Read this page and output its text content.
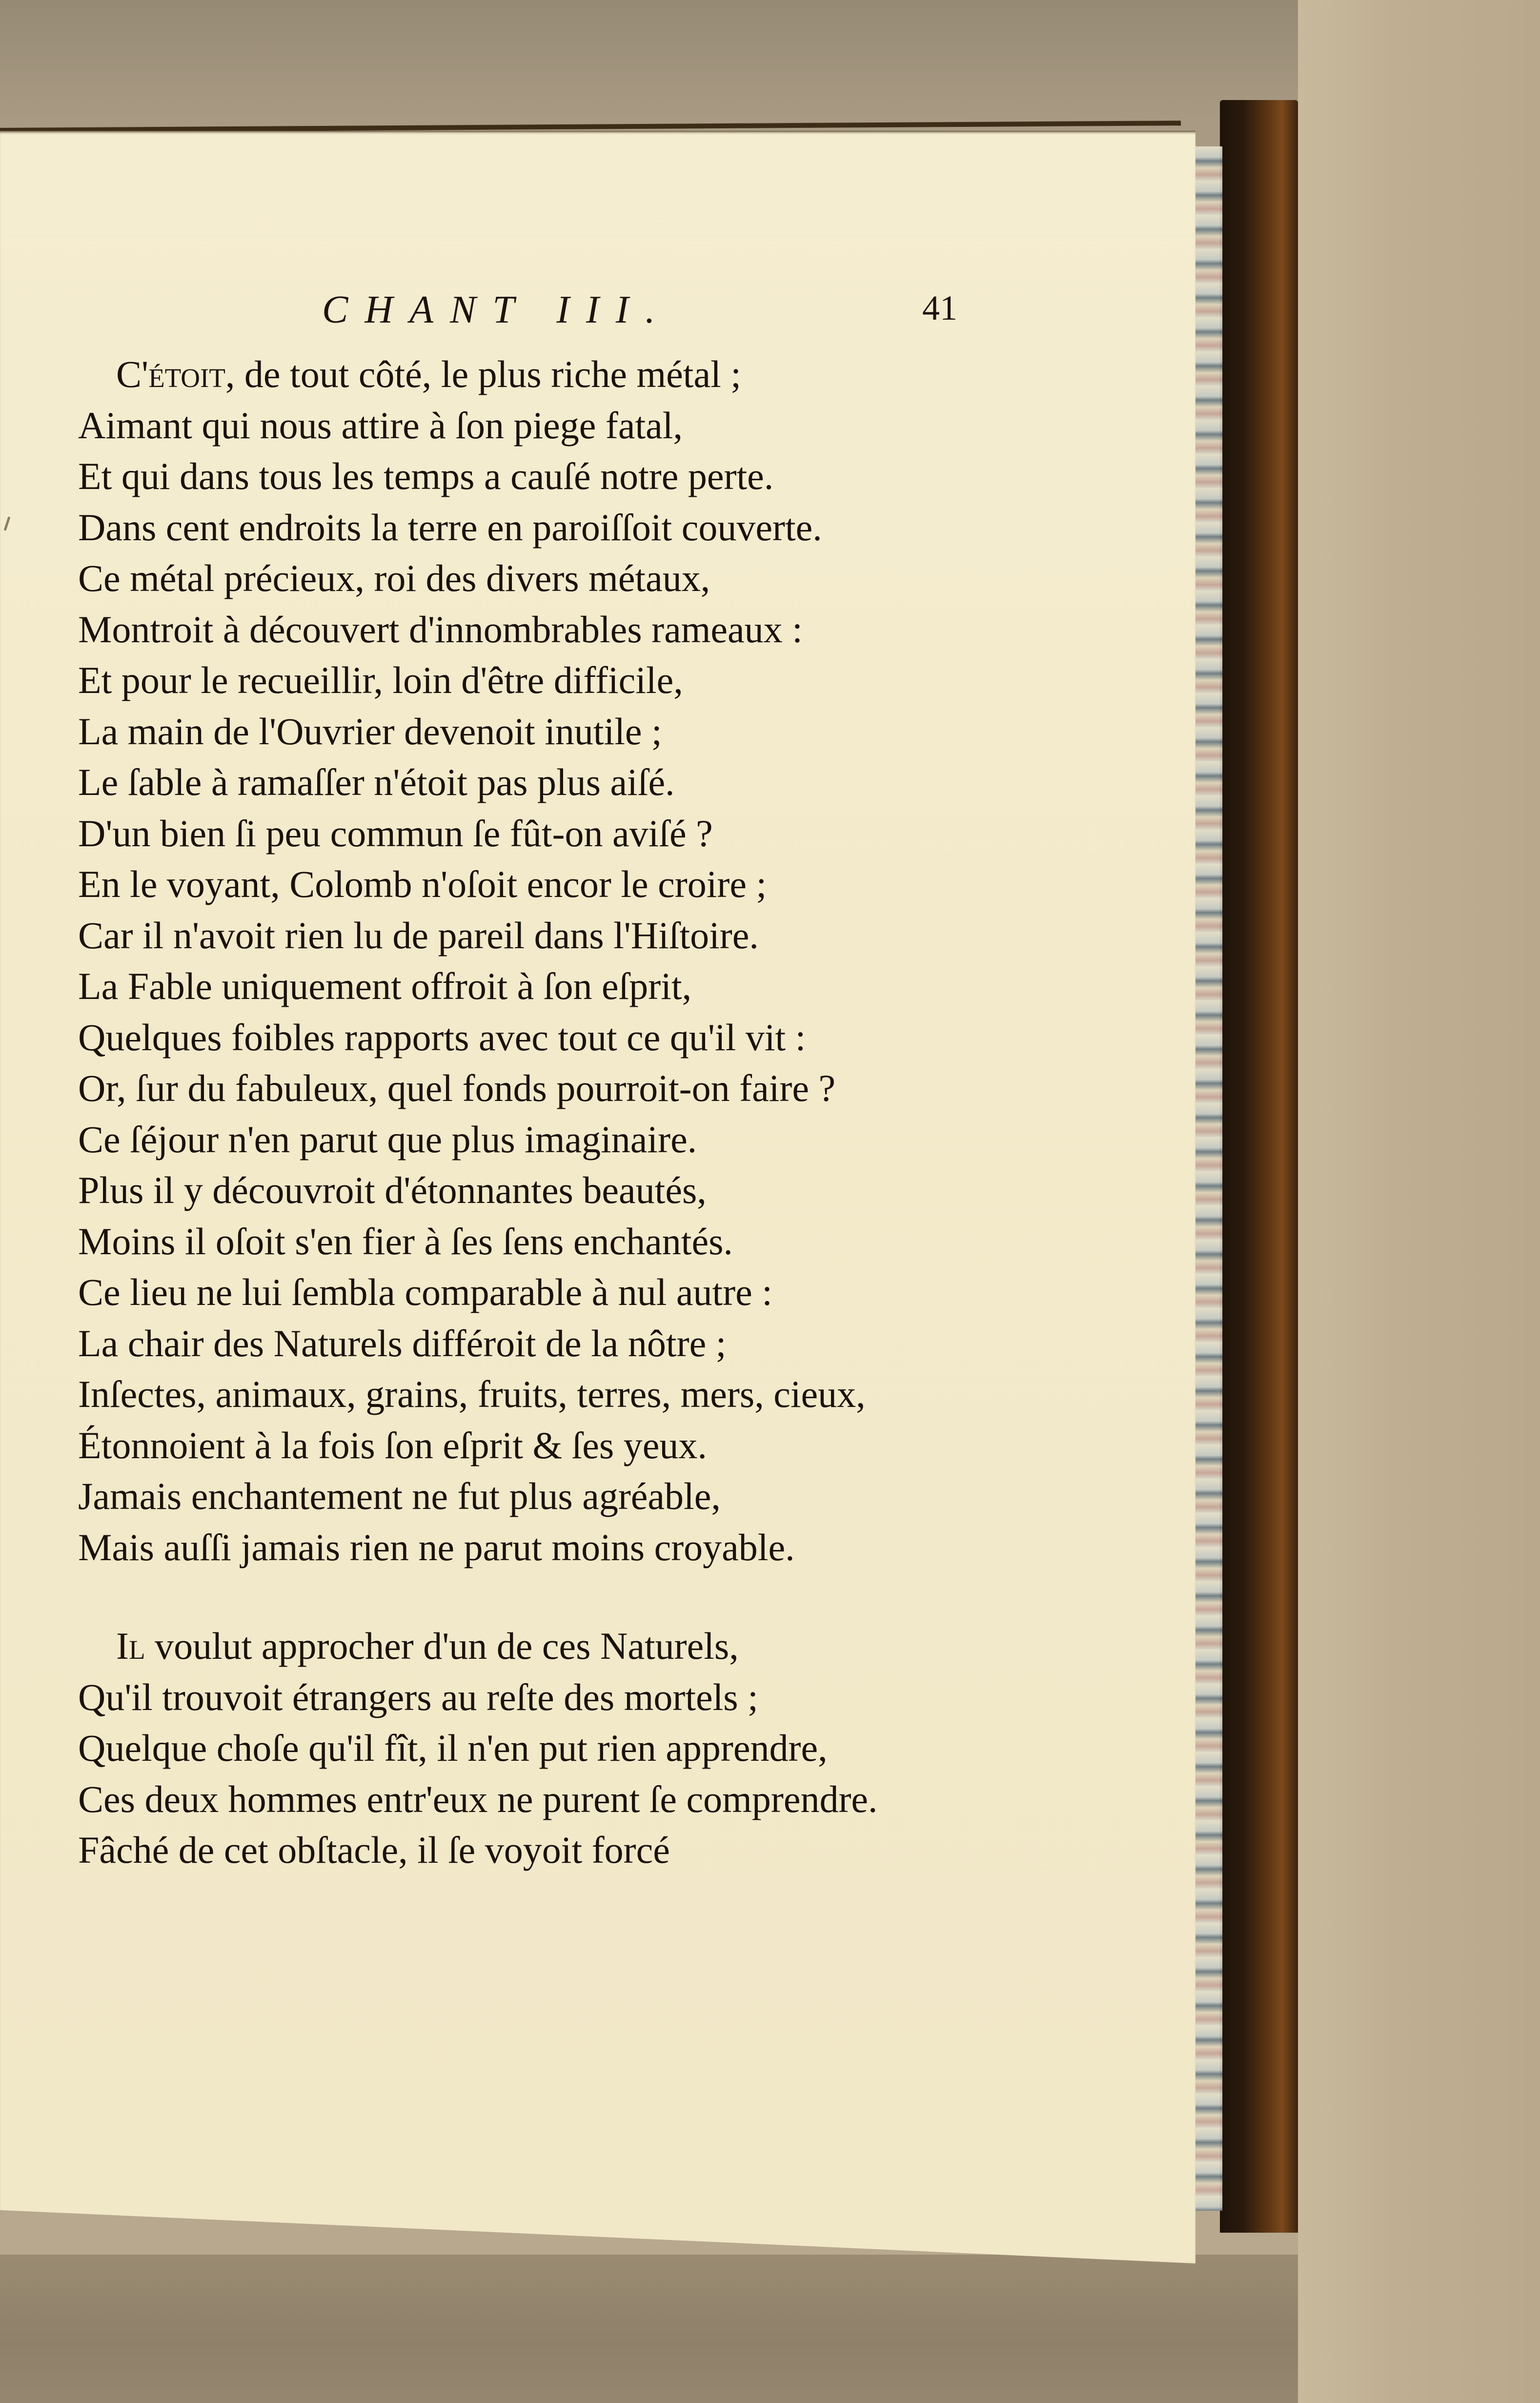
CHANT III.	41
C'étoit, de tout côté, le plus riche métal ;
Aimant qui nous attire à ſon piege fatal,
Et qui dans tous les temps a cauſé notre perte.
Dans cent endroits la terre en paroiſſoit couverte.
Ce métal précieux, roi des divers métaux,
Montroit à découvert d'innombrables rameaux :
Et pour le recueillir, loin d'être difficile,
La main de l'Ouvrier devenoit inutile ;
Le ſable à ramaſſer n'étoit pas plus aiſé.
D'un bien ſi peu commun ſe fût-on aviſé ?
En le voyant, Colomb n'oſoit encor le croire ;
Car il n'avoit rien lu de pareil dans l'Hiſtoire.
La Fable uniquement offroit à ſon eſprit,
Quelques foibles rapports avec tout ce qu'il vit :
Or, ſur du fabuleux, quel fonds pourroit-on faire ?
Ce ſéjour n'en parut que plus imaginaire.
Plus il y découvroit d'étonnantes beautés,
Moins il oſoit s'en fier à ſes ſens enchantés.
Ce lieu ne lui ſembla comparable à nul autre :
La chair des Naturels différoit de la nôtre ;
Inſectes, animaux, grains, fruits, terres, mers, cieux,
Étonnoient à la fois ſon eſprit & ſes yeux.
Jamais enchantement ne fut plus agréable,
Mais auſſi jamais rien ne parut moins croyable.
Il voulut approcher d'un de ces Naturels,
Qu'il trouvoit étrangers au reſte des mortels ;
Quelque choſe qu'il fît, il n'en put rien apprendre,
Ces deux hommes entr'eux ne purent ſe comprendre.
Fâché de cet obſtacle, il ſe voyoit forcé
